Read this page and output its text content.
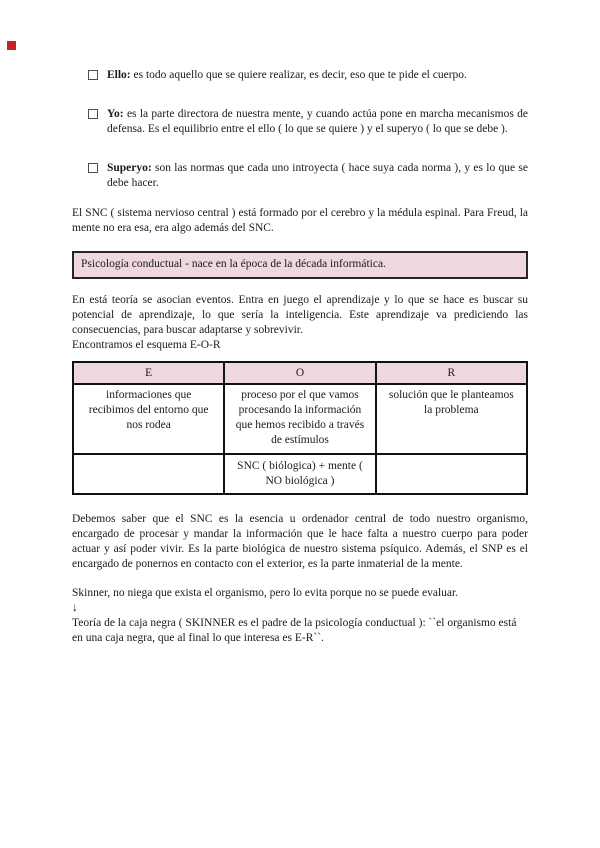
Ello: es todo aquello que se quiere realizar, es decir, eso que te pide el cuerpo.
Yo: es la parte directora de nuestra mente, y cuando actúa pone en marcha mecanismos de defensa. Es el equilibrio entre el ello ( lo que se quiere ) y el superyo ( lo que se debe ).
Superyo: son las normas que cada uno introyecta ( hace suya cada norma ), y es lo que se debe hacer.
El SNC ( sistema nervioso central ) está formado por el cerebro y la médula espinal. Para Freud, la mente no era esa, era algo además del SNC.
Psicología conductual - nace en la época de la década informática.
En está teoría se asocian eventos. Entra en juego el aprendizaje y lo que se hace es buscar su potencial de aprendizaje, lo que sería la inteligencia. Este aprendizaje va prediciendo las consecuencias, para buscar adaptarse y sobrevivir.
Encontramos el esquema E-O-R
E	O	R
informaciones que recibimos del entorno que nos rodea	proceso por el que vamos procesando la información que hemos recibido a través de estímulos	solución que le planteamos la problema
	SNC ( biólogica) + mente ( NO biológica )	
Debemos saber que el SNC es la esencia u ordenador central de todo nuestro organismo, encargado de procesar y mandar la información que le hace falta a nuestro cuerpo para poder actuar y así poder vivir. Es la parte biológica de nuestro sistema psíquico. Además, el SNP es el encargado de ponernos en contacto con el exterior, es la parte inmaterial de la mente.
Skinner, no niega que exista el organismo, pero lo evita porque no se puede evaluar.
↓
Teoría de la caja negra ( SKINNER es el padre de la psicología conductual ): ``el organismo está en una caja negra, que al final lo que interesa es E-R``.
